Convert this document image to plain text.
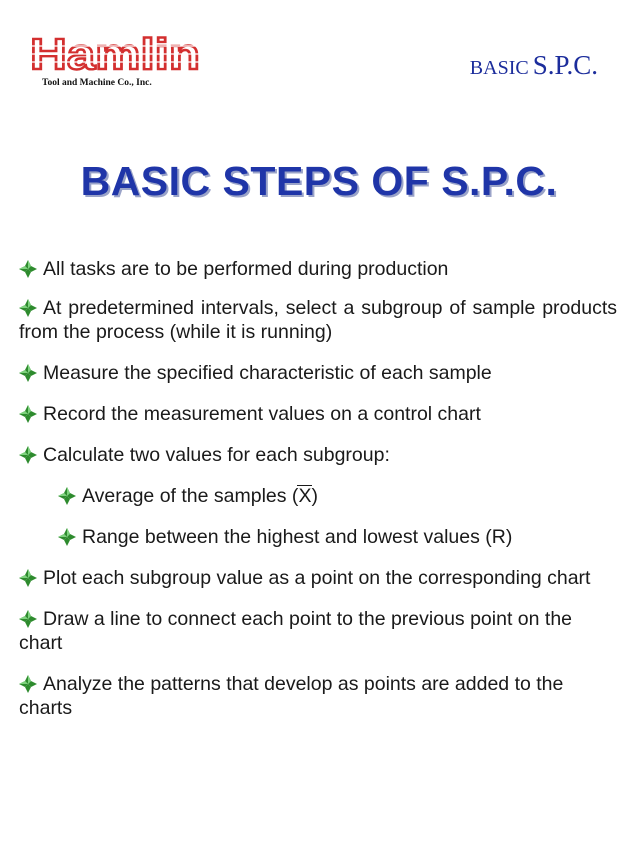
Hamlin
Tool and Machine Co., Inc.
BASIC S.P.C.
BASIC STEPS OF S.P.C.

All tasks are to be performed during production

At predetermined intervals, select a subgroup of sample products from the process (while it is running)

Measure the specified characteristic of each sample

Record the measurement values on a control chart

Calculate two values for each subgroup:

Average of the samples (X)

Range between the highest and lowest values (R)

Plot each subgroup value as a point on the corresponding chart

Draw a line to connect each point to the previous point on the chart

Analyze the patterns that develop as points are added to the charts
